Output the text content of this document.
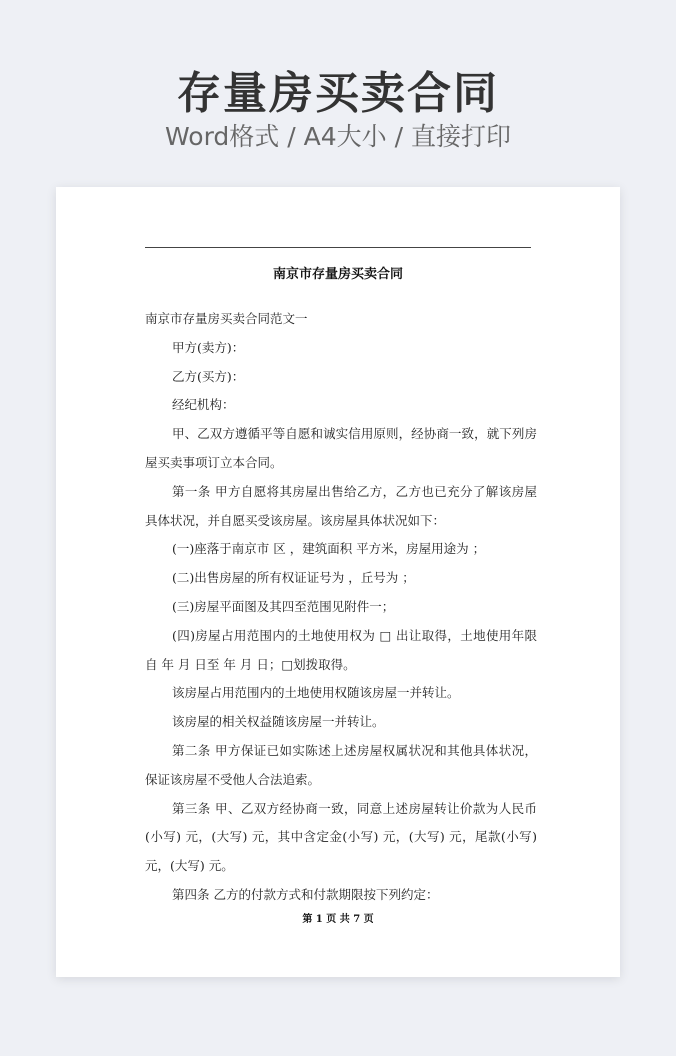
存量房买卖合同
Word格式 / A4大小 / 直接打印
南京市存量房买卖合同

南京市存量房买卖合同范文一

甲方(卖方)：

乙方(买方)：

经纪机构：

甲、乙双方遵循平等自愿和诚实信用原则，经协商一致，就下列房屋买卖事项订立本合同。

第一条 甲方自愿将其房屋出售给乙方，乙方也已充分了解该房屋具体状况，并自愿买受该房屋。该房屋具体状况如下：

(一)座落于南京市 区 ，建筑面积 平方米，房屋用途为 ；

(二)出售房屋的所有权证证号为 ，丘号为 ；

(三)房屋平面图及其四至范围见附件一；

(四)房屋占用范围内的土地使用权为 □ 出让取得，土地使用年限自 年 月 日至 年 月 日；□划拨取得。

该房屋占用范围内的土地使用权随该房屋一并转让。

该房屋的相关权益随该房屋一并转让。

第二条 甲方保证已如实陈述上述房屋权属状况和其他具体状况，保证该房屋不受他人合法追索。

第三条 甲、乙双方经协商一致，同意上述房屋转让价款为人民币(小写) 元，(大写) 元，其中含定金(小写) 元，(大写) 元，尾款(小写) 元，(大写) 元。

第四条 乙方的付款方式和付款期限按下列约定：

第 1 页 共 7 页
